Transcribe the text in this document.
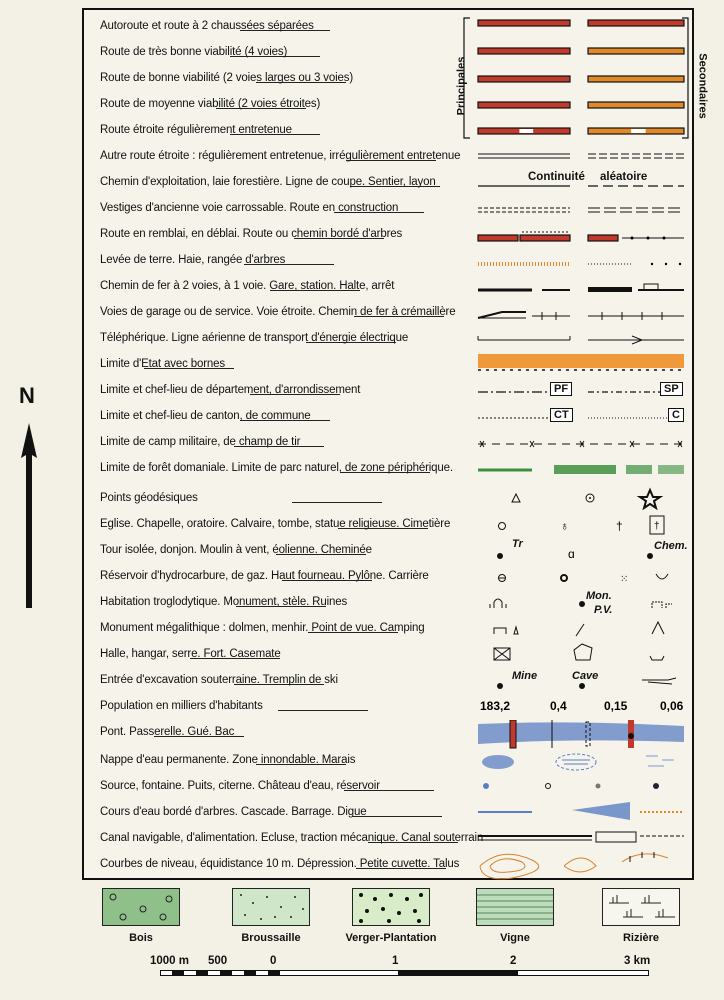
N
Autoroute et route à 2 chaussées séparées
Route de très bonne viabilité (4 voies)
Route de bonne viabilité (2 voies larges ou 3 voies)
Route de moyenne viabilité (2 voies étroites)
Route étroite régulièrement entretenue
Autre route étroite : régulièrement entretenue, irrégulièrement entretenue
Chemin d'exploitation, laie forestière. Ligne de coupe. Sentier, layon
Vestiges d'ancienne voie carrossable. Route en construction
Route en remblai, en déblai. Route ou chemin bordé d'arbres
Levée de terre. Haie, rangée d'arbres
Chemin de fer à 2 voies, à 1 voie. Gare, station. Halte, arrêt
Voies de garage ou de service. Voie étroite. Chemin de fer à crémaillère
Téléphérique. Ligne aérienne de transport d'énergie électrique
Limite d'Etat avec bornes
Limite et chef-lieu de département, d'arrondissement
Limite et chef-lieu de canton, de commune
Limite de camp militaire, de champ de tir
Limite de forêt domaniale. Limite de parc naturel, de zone périphérique.
Points géodésiques
Eglise. Chapelle, oratoire. Calvaire, tombe, statue religieuse. Cimetière	♁	†	†
Tour isolée, donjon. Moulin à vent, éolienne. Cheminée	ɑ
Réservoir d'hydrocarbure, de gaz. Haut fourneau. Pylône. Carrière	⁙
Habitation troglodytique. Monument, stèle. Ruines
Monument mégalithique : dolmen, menhir. Point de vue. Camping
Halle, hangar, serre. Fort. Casemate
Entrée d'excavation souterraine. Tremplin de ski
Population en milliers d'habitants	183,2	0,4	0,15	0,06
Pont. Passerelle. Gué. Bac
Nappe d'eau permanente. Zone innondable. Marais
Source, fontaine. Puits, citerne. Château d'eau, réservoir
Cours d'eau bordé d'arbres. Cascade. Barrage. Digue
Canal navigable, d'alimentation. Ecluse, traction mécanique. Canal souterrain
Courbes de niveau, équidistance 10 m. Dépression. Petite cuvette. Talus
Principales	Secondaires
Continuité aléatoire
PF	SP
CT	C
Tr	Chem.
Mon.
P.V.
Mine	Cave
Bois	Broussaille	Verger-Plantation	Vigne	Rizière
1000 m 500	0	1	2	3 km
